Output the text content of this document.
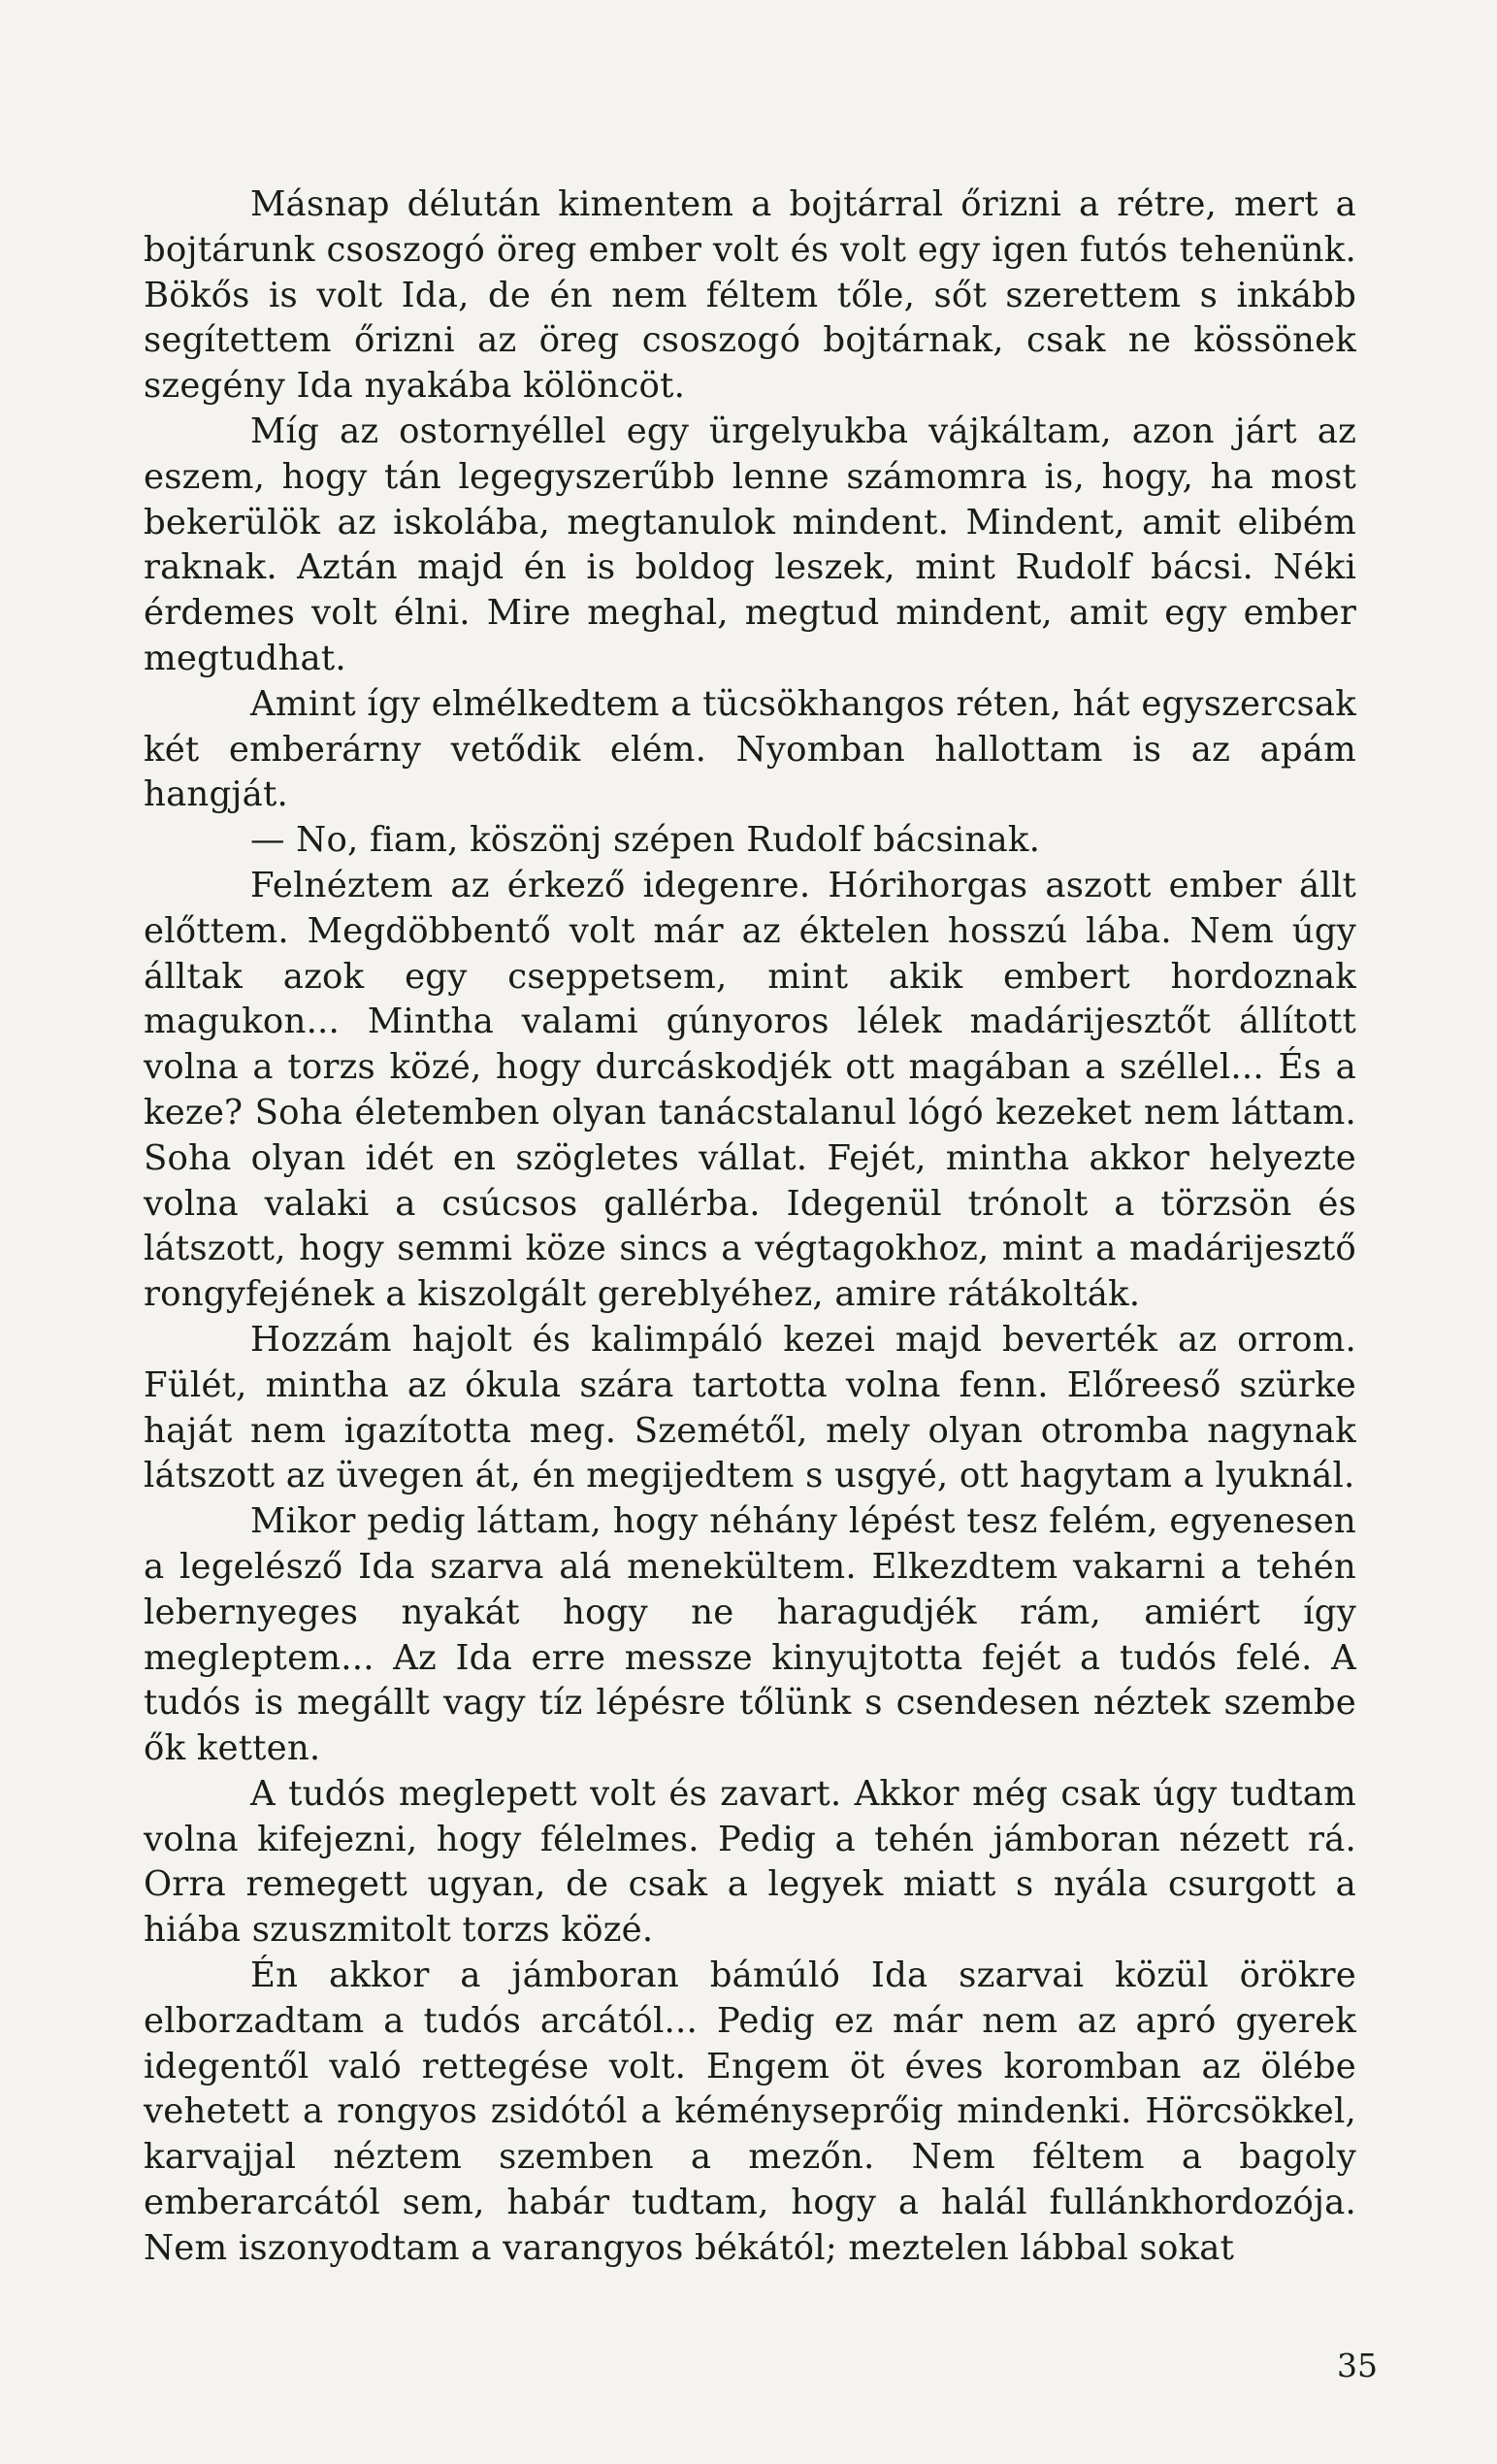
Másnap délután kimentem a bojtárral őrizni a rétre, mert a bojtárunk csoszogó öreg ember volt és volt egy igen futós tehenünk. Bökős is volt Ida, de én nem féltem tőle, sőt szerettem s inkább segítettem őrizni az öreg csoszogó bojtárnak, csak ne kössönek szegény Ida nyakába kölöncöt.

Míg az ostornyéllel egy ürgelyukba vájkáltam, azon járt az eszem, hogy tán legegyszerűbb lenne számomra is, hogy, ha most bekerülök az iskolába, megtanulok mindent. Mindent, amit elibém raknak. Aztán majd én is boldog leszek, mint Rudolf bácsi. Néki érdemes volt élni. Mire meghal, megtud mindent, amit egy ember megtudhat.

Amint így elmélkedtem a tücsökhangos réten, hát egyszercsak két emberárny vetődik elém. Nyomban hallottam is az apám hangját.

— No, fiam, köszönj szépen Rudolf bácsinak.

Felnéztem az érkező idegenre. Hórihorgas aszott ember állt előttem. Megdöbbentő volt már az éktelen hosszú lába. Nem úgy álltak azok egy cseppetsem, mint akik embert hordoznak magukon... Mintha valami gúnyoros lélek madárijesztőt állított volna a torzs közé, hogy durcáskodjék ott magában a széllel... És a keze? Soha életemben olyan tanácstalanul lógó kezeket nem láttam. Soha olyan idét en szögletes vállat. Fejét, mintha akkor helyezte volna valaki a csúcsos gallérba. Idegenül trónolt a törzsön és látszott, hogy semmi köze sincs a végtagokhoz, mint a madárijesztő rongyfejének a kiszolgált gereblyéhez, amire rátákolták.

Hozzám hajolt és kalimpáló kezei majd beverték az orrom. Fülét, mintha az ókula szára tartotta volna fenn. Előreeső szürke haját nem igazította meg. Szemétől, mely olyan otromba nagynak látszott az üvegen át, én megijedtem s usgyé, ott hagytam a lyuknál.

Mikor pedig láttam, hogy néhány lépést tesz felém, egyenesen a legelésző Ida szarva alá menekültem. Elkezdtem vakarni a tehén lebernyeges nyakát hogy ne haragudjék rám, amiért így megleptem... Az Ida erre messze kinyujtotta fejét a tudós felé. A tudós is megállt vagy tíz lépésre tőlünk s csendesen néztek szembe ők ketten.

A tudós meglepett volt és zavart. Akkor még csak úgy tudtam volna kifejezni, hogy félelmes. Pedig a tehén jámboran nézett rá. Orra remegett ugyan, de csak a legyek miatt s nyála csurgott a hiába szuszmitolt torzs közé.

Én akkor a jámboran bámúló Ida szarvai közül örökre elborzadtam a tudós arcától... Pedig ez már nem az apró gyerek idegentől való rettegése volt. Engem öt éves koromban az ölébe vehetett a rongyos zsidótól a kéményseprőig mindenki. Hörcsökkel, karvajjal néztem szemben a mezőn. Nem féltem a bagoly emberarcától sem, habár tudtam, hogy a halál fullánkhordozója. Nem iszonyodtam a varangyos békától; meztelen lábbal sokat

35
